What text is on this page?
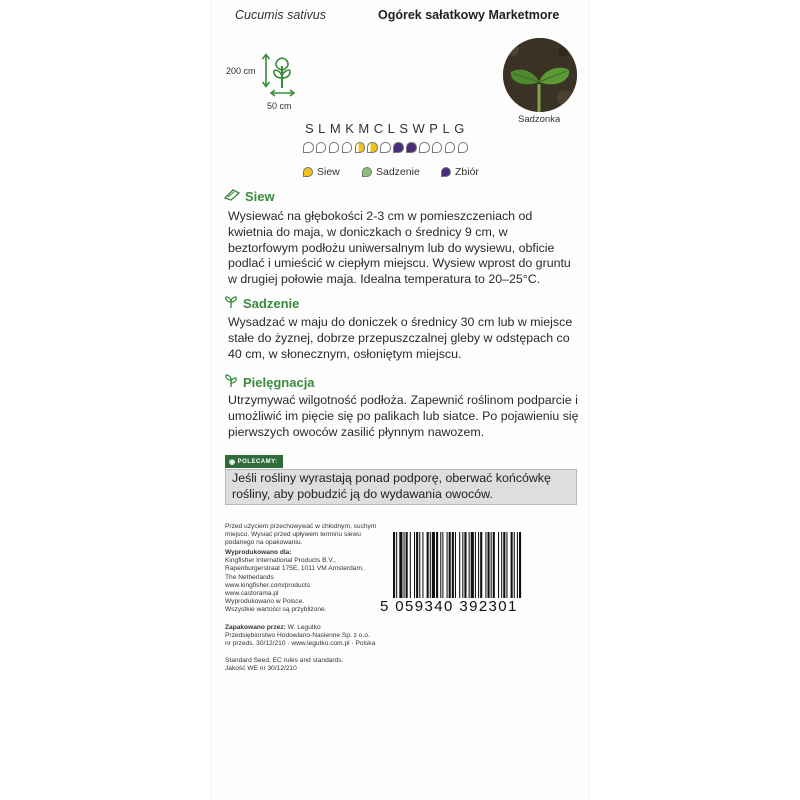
Cucumis sativus	Ogórek sałatkowy Marketmore
200 cm
50 cm
Sadzonka
SLMKMCLSWPLG
Siew	Sadzenie	Zbiór
Siew
Wysiewać na głębokości 2-3 cm w pomieszczeniach od kwietnia do maja, w doniczkach o średnicy 9 cm, w beztorfowym podłożu uniwersalnym lub do wysiewu, obficie podlać i umieścić w ciepłym miejscu. Wysiew wprost do gruntu w drugiej połowie maja. Idealna temperatura to 20–25°C.
Sadzenie
Wysadzać w maju do doniczek o średnicy 30 cm lub w miejsce stałe do żyznej, dobrze przepuszczalnej gleby w odstępach co 40 cm, w słonecznym, osłoniętym miejscu.
Pielęgnacja
Utrzymywać wilgotność podłoża. Zapewnić roślinom podparcie i umożliwić im pięcie się po palikach lub siatce. Po pojawieniu się pierwszych owoców zasilić płynnym nawozem.
◉ POLECAMY:
Jeśli rośliny wyrastają ponad podporę, oberwać końcówkę rośliny, aby pobudzić ją do wydawania owoców.
Przed użyciem przechowywać w chłodnym, suchym miejscu. Wysiać przed upływem terminu siewu podanego na opakowaniu.
Wyprodukowano dla:
Kingfisher International Products B.V.,
Rapenburgerstraat 175E, 1011 VM Amsterdam,
The Netherlands
www.kingfisher.com/products
www.castorama.pl
Wyprodukowano w Polsce.
Wszystkie wartości są przybliżone.
Zapakowano przez: W. Legutko
Przedsiębiorstwo Hodowlano-Nasienne Sp. z o.o.
nr przeds. 30/12/210 · www.legutko.com.pl · Polska
Standard Seed, EC rules and standards.
Jakość WE nr 30/12/210
5 059340 392301
